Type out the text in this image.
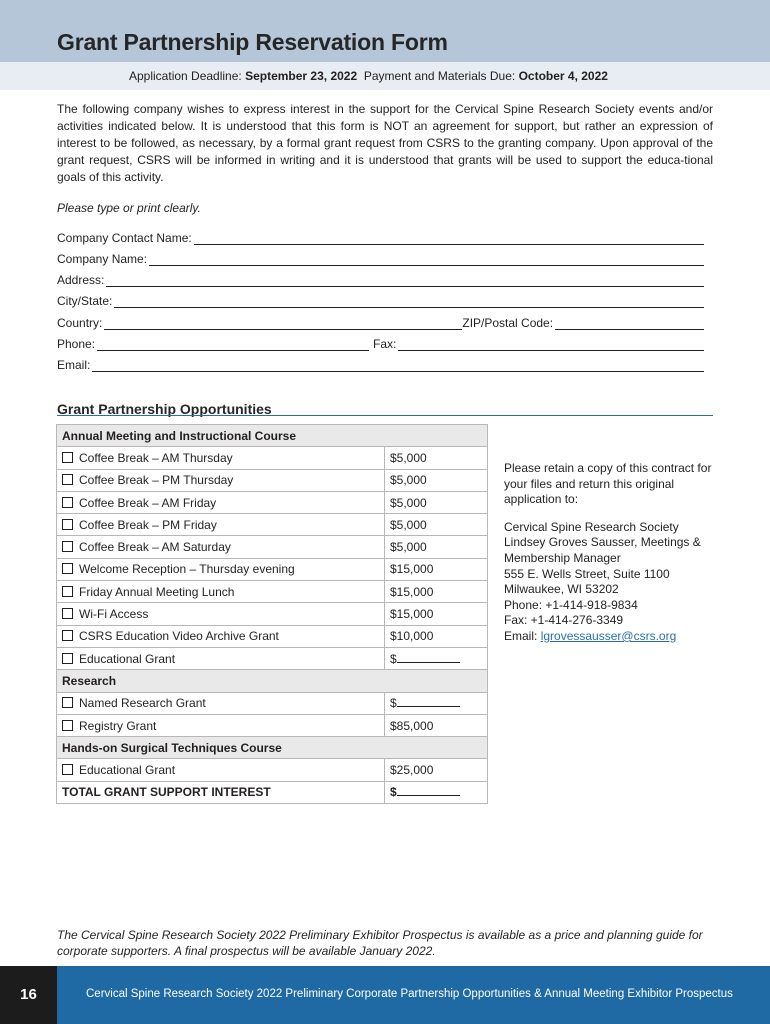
Grant Partnership Reservation Form
Application Deadline: September 23, 2022 Payment and Materials Due: October 4, 2022

The following company wishes to express interest in the support for the Cervical Spine Research Society events and/or activities indicated below. It is understood that this form is NOT an agreement for support, but rather an expression of interest to be followed, as necessary, by a formal grant request from CSRS to the granting company. Upon approval of the grant request, CSRS will be informed in writing and it is understood that grants will be used to support the educa-tional goals of this activity.

Please type or print clearly.

Company Contact Name:
Company Name:
Address:
City/State:
Country:	ZIP/Postal Code:
Phone:	Fax:
Email:
Grant Partnership Opportunities
Annual Meeting and Instructional Course	
Coffee Break – AM Thursday	$5,000
Coffee Break – PM Thursday	$5,000
Coffee Break – AM Friday	$5,000
Coffee Break – PM Friday	$5,000
Coffee Break – AM Saturday	$5,000
Welcome Reception – Thursday evening	$15,000
Friday Annual Meeting Lunch	$15,000
Wi-Fi Access	$15,000
CSRS Education Video Archive Grant	$10,000
Educational Grant	$
Research	
Named Research Grant	$
Registry Grant	$85,000
Hands-on Surgical Techniques Course	
Educational Grant	$25,000
TOTAL GRANT SUPPORT INTEREST	$

Please retain a copy of this contract for your files and return this original application to:

Cervical Spine Research Society
Lindsey Groves Sausser, Meetings & Membership Manager
555 E. Wells Street, Suite 1100
Milwaukee, WI 53202
Phone: +1-414-918-9834
Fax: +1-414-276-3349
Email: lgrovessausser@csrs.org

The Cervical Spine Research Society 2022 Preliminary Exhibitor Prospectus is available as a price and planning guide for corporate supporters. A final prospectus will be available January 2022.

16	Cervical Spine Research Society 2022 Preliminary Corporate Partnership Opportunities & Annual Meeting Exhibitor Prospectus
